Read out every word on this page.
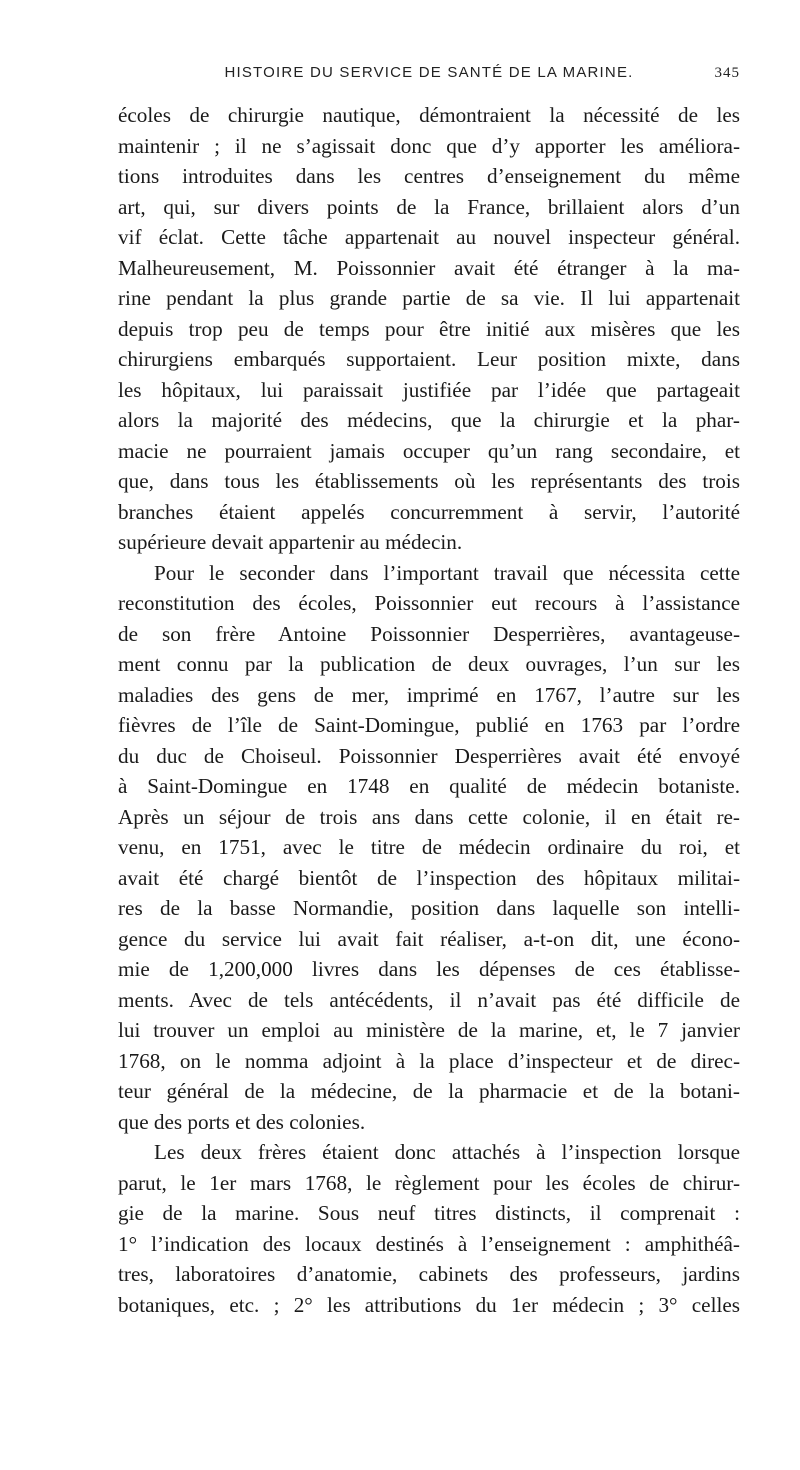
HISTOIRE DU SERVICE DE SANTÉ DE LA MARINE.	345
écoles de chirurgie nautique, démontraient la nécessité de les
maintenir ; il ne s’agissait donc que d’y apporter les améliora-
tions introduites dans les centres d’enseignement du même
art, qui, sur divers points de la France, brillaient alors d’un
vif éclat. Cette tâche appartenait au nouvel inspecteur général.
Malheureusement, M. Poissonnier avait été étranger à la ma-
rine pendant la plus grande partie de sa vie. Il lui appartenait
depuis trop peu de temps pour être initié aux misères que les
chirurgiens embarqués supportaient. Leur position mixte, dans
les hôpitaux, lui paraissait justifiée par l’idée que partageait
alors la majorité des médecins, que la chirurgie et la phar-
macie ne pourraient jamais occuper qu’un rang secondaire, et
que, dans tous les établissements où les représentants des trois
branches étaient appelés concurremment à servir, l’autorité
supérieure devait appartenir au médecin.
Pour le seconder dans l’important travail que nécessita cette
reconstitution des écoles, Poissonnier eut recours à l’assistance
de son frère Antoine Poissonnier Desperrières, avantageuse-
ment connu par la publication de deux ouvrages, l’un sur les
maladies des gens de mer, imprimé en 1767, l’autre sur les
fièvres de l’île de Saint-Domingue, publié en 1763 par l’ordre
du duc de Choiseul. Poissonnier Desperrières avait été envoyé
à Saint-Domingue en 1748 en qualité de médecin botaniste.
Après un séjour de trois ans dans cette colonie, il en était re-
venu, en 1751, avec le titre de médecin ordinaire du roi, et
avait été chargé bientôt de l’inspection des hôpitaux militai-
res de la basse Normandie, position dans laquelle son intelli-
gence du service lui avait fait réaliser, a-t-on dit, une écono-
mie de 1,200,000 livres dans les dépenses de ces établisse-
ments. Avec de tels antécédents, il n’avait pas été difficile de
lui trouver un emploi au ministère de la marine, et, le 7 janvier
1768, on le nomma adjoint à la place d’inspecteur et de direc-
teur général de la médecine, de la pharmacie et de la botani-
que des ports et des colonies.
Les deux frères étaient donc attachés à l’inspection lorsque
parut, le 1er mars 1768, le règlement pour les écoles de chirur-
gie de la marine. Sous neuf titres distincts, il comprenait :
1° l’indication des locaux destinés à l’enseignement : amphithéâ-
tres, laboratoires d’anatomie, cabinets des professeurs, jardins
botaniques, etc. ; 2° les attributions du 1er médecin ; 3° celles
